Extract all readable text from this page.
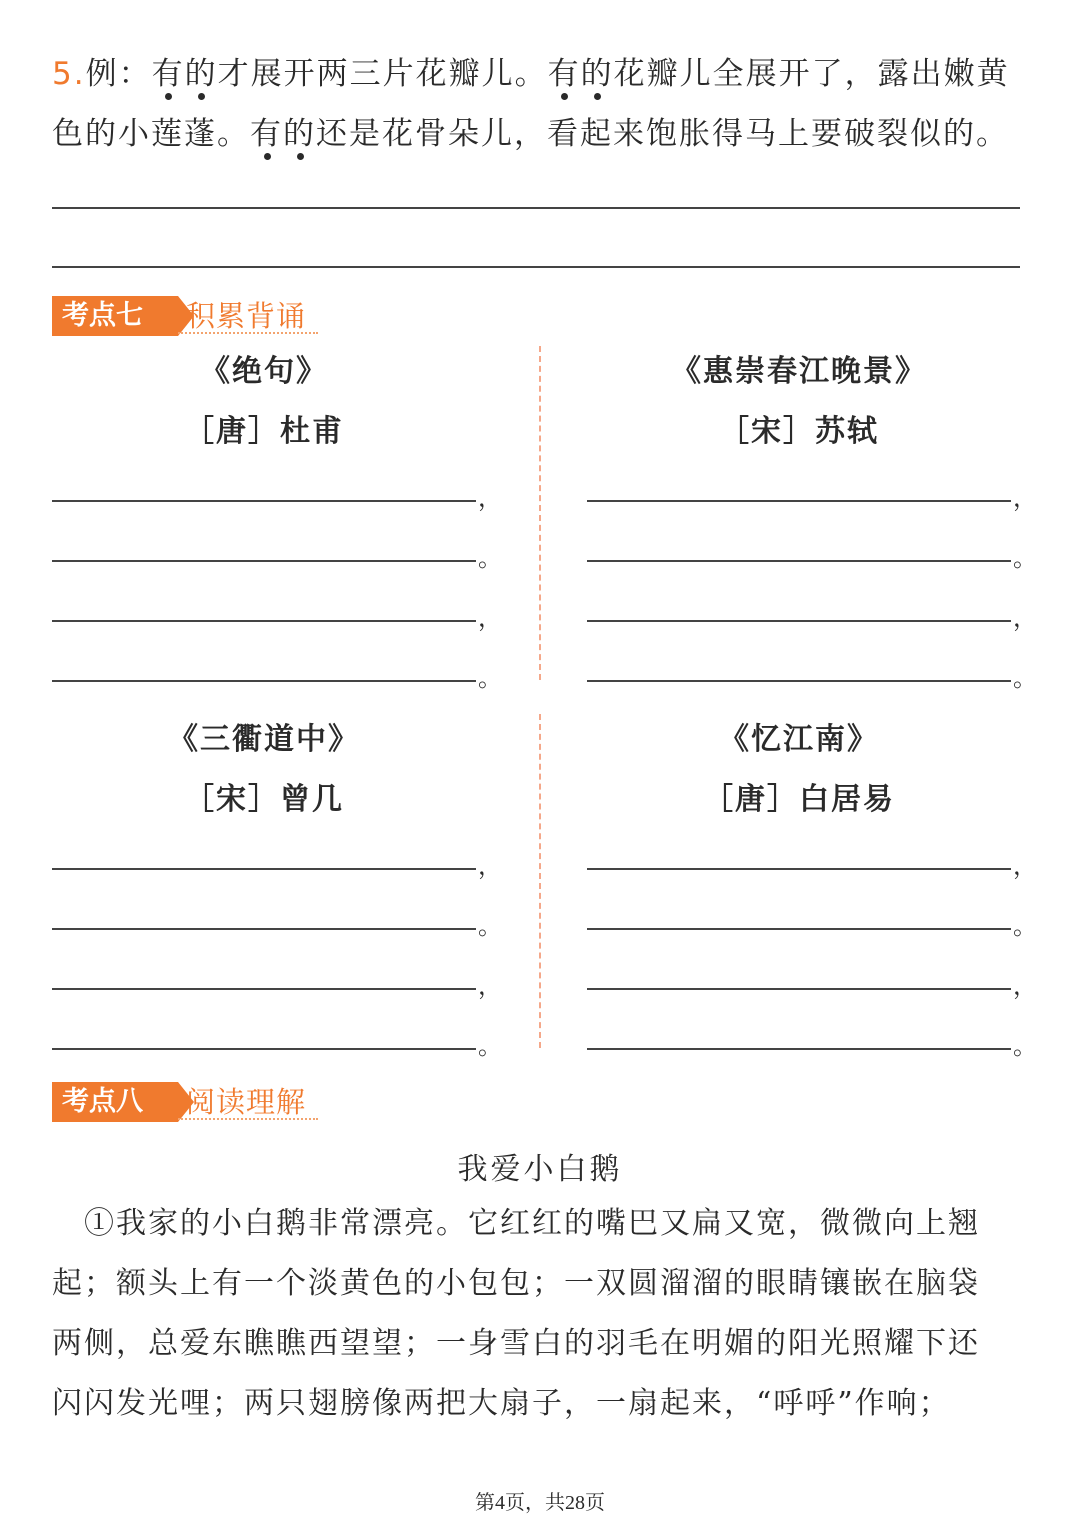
5.例：有的才展开两三片花瓣儿。有的花瓣儿全展开了，露出嫩黄
色的小莲蓬。有的还是花骨朵儿，看起来饱胀得马上要破裂似的。
考点七	积累背诵
《绝句》
［唐］杜甫
，
。
，
。
《惠崇春江晚景》
［宋］苏轼
，
。
，
。
《三衢道中》
［宋］曾几
，
。
，
。
《忆江南》
［唐］白居易
，
。
，
。
考点八	阅读理解
我爱小白鹅
　①我家的小白鹅非常漂亮。它红红的嘴巴又扁又宽，微微向上翘
起；额头上有一个淡黄色的小包包；一双圆溜溜的眼睛镶嵌在脑袋
两侧，总爱东瞧瞧西望望；一身雪白的羽毛在明媚的阳光照耀下还
闪闪发光哩；两只翅膀像两把大扇子，一扇起来，“呼呼”作响；
第4页，共28页
